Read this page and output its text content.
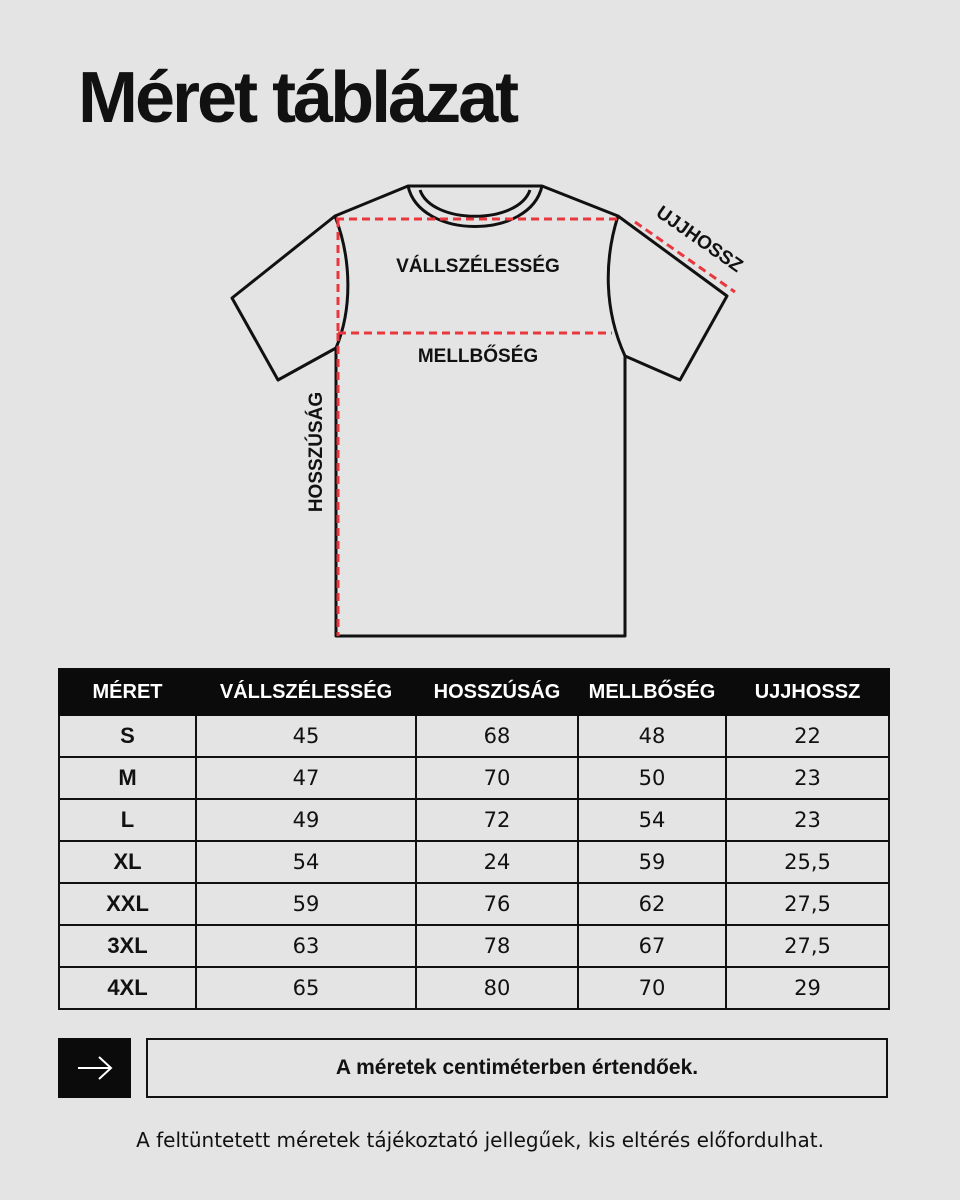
Méret táblázat
VÁLLSZÉLESSÉG
MELLBŐSÉG
HOSSZÚSÁG
UJJHOSSZ
MÉRET	VÁLLSZÉLESSÉG	HOSSZÚSÁG	MELLBŐSÉG	UJJHOSSZ
S	45	68	48	22
M	47	70	50	23
L	49	72	54	23
XL	54	24	59	25,5
XXL	59	76	62	27,5
3XL	63	78	67	27,5
4XL	65	80	70	29
A méretek centiméterben értendőek.
A feltüntetett méretek tájékoztató jellegűek, kis eltérés előfordulhat.
